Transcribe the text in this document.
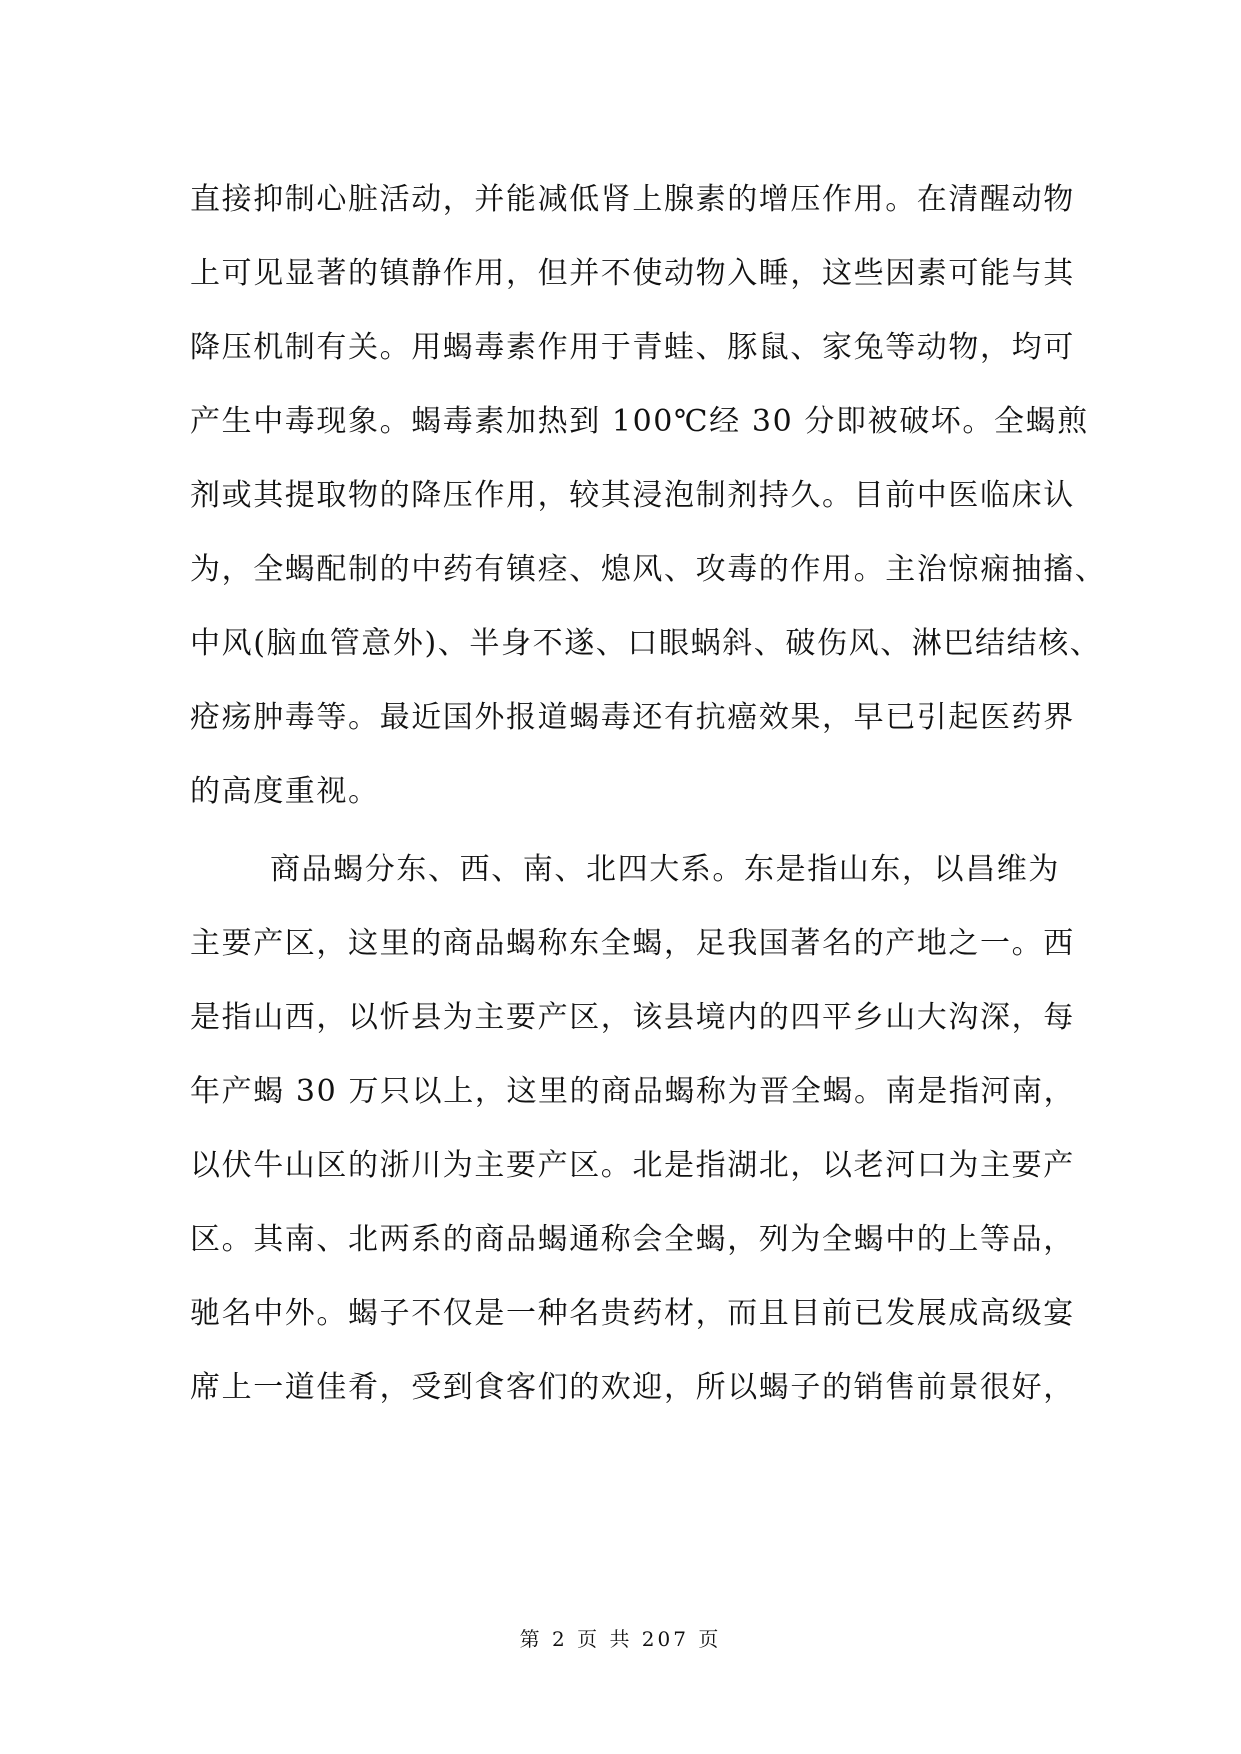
直接抑制心脏活动，并能减低肾上腺素的增压作用。在清醒动物
上可见显著的镇静作用，但并不使动物入睡，这些因素可能与其
降压机制有关。用蝎毒素作用于青蛙、豚鼠、家兔等动物，均可
产生中毒现象。蝎毒素加热到 100℃经 30 分即被破坏。全蝎煎
剂或其提取物的降压作用，较其浸泡制剂持久。目前中医临床认
为，全蝎配制的中药有镇痉、熄风、攻毒的作用。主治惊痫抽搐、
中风(脑血管意外)、半身不遂、口眼蜗斜、破伤风、淋巴结结核、
疮疡肿毒等。最近国外报道蝎毒还有抗癌效果，早已引起医药界
的高度重视。
商品蝎分东、西、南、北四大系。东是指山东，以昌维为
主要产区，这里的商品蝎称东全蝎，足我国著名的产地之一。西
是指山西，以忻县为主要产区，该县境内的四平乡山大沟深，每
年产蝎 30 万只以上，这里的商品蝎称为晋全蝎。南是指河南，
以伏牛山区的浙川为主要产区。北是指湖北，以老河口为主要产
区。其南、北两系的商品蝎通称会全蝎，列为全蝎中的上等品，
驰名中外。蝎子不仅是一种名贵药材，而且目前已发展成高级宴
席上一道佳肴，受到食客们的欢迎，所以蝎子的销售前景很好，
第 2 页 共 207 页
